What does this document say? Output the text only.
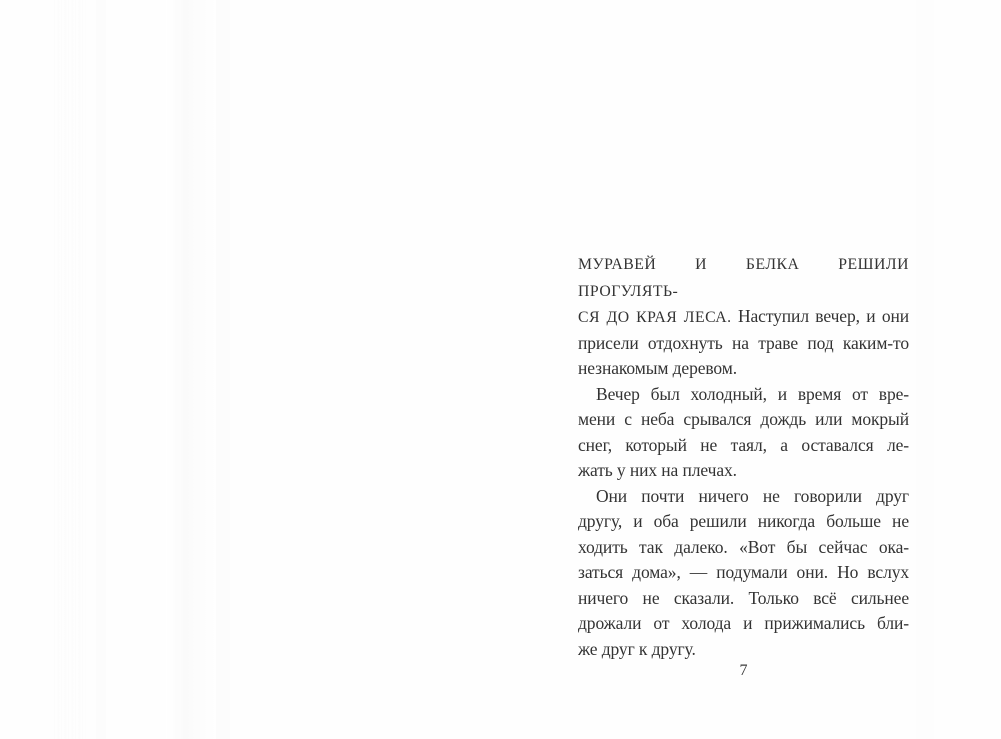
МУРАВЕЙ И БЕЛКА РЕШИЛИ ПРОГУЛЯТЬ-
СЯ ДО КРАЯ ЛЕСА. Наступил вечер, и они
присели отдохнуть на траве под каким-то
незнакомым деревом.
Вечер был холодный, и время от вре-
мени с неба срывался дождь или мокрый
снег, который не таял, а оставался ле-
жать у них на плечах.
Они почти ничего не говорили друг
другу, и оба решили никогда больше не
ходить так далеко. «Вот бы сейчас ока-
заться дома», — подумали они. Но вслух
ничего не сказали. Только всё сильнее
дрожали от холода и прижимались бли-
же друг к другу.
7
